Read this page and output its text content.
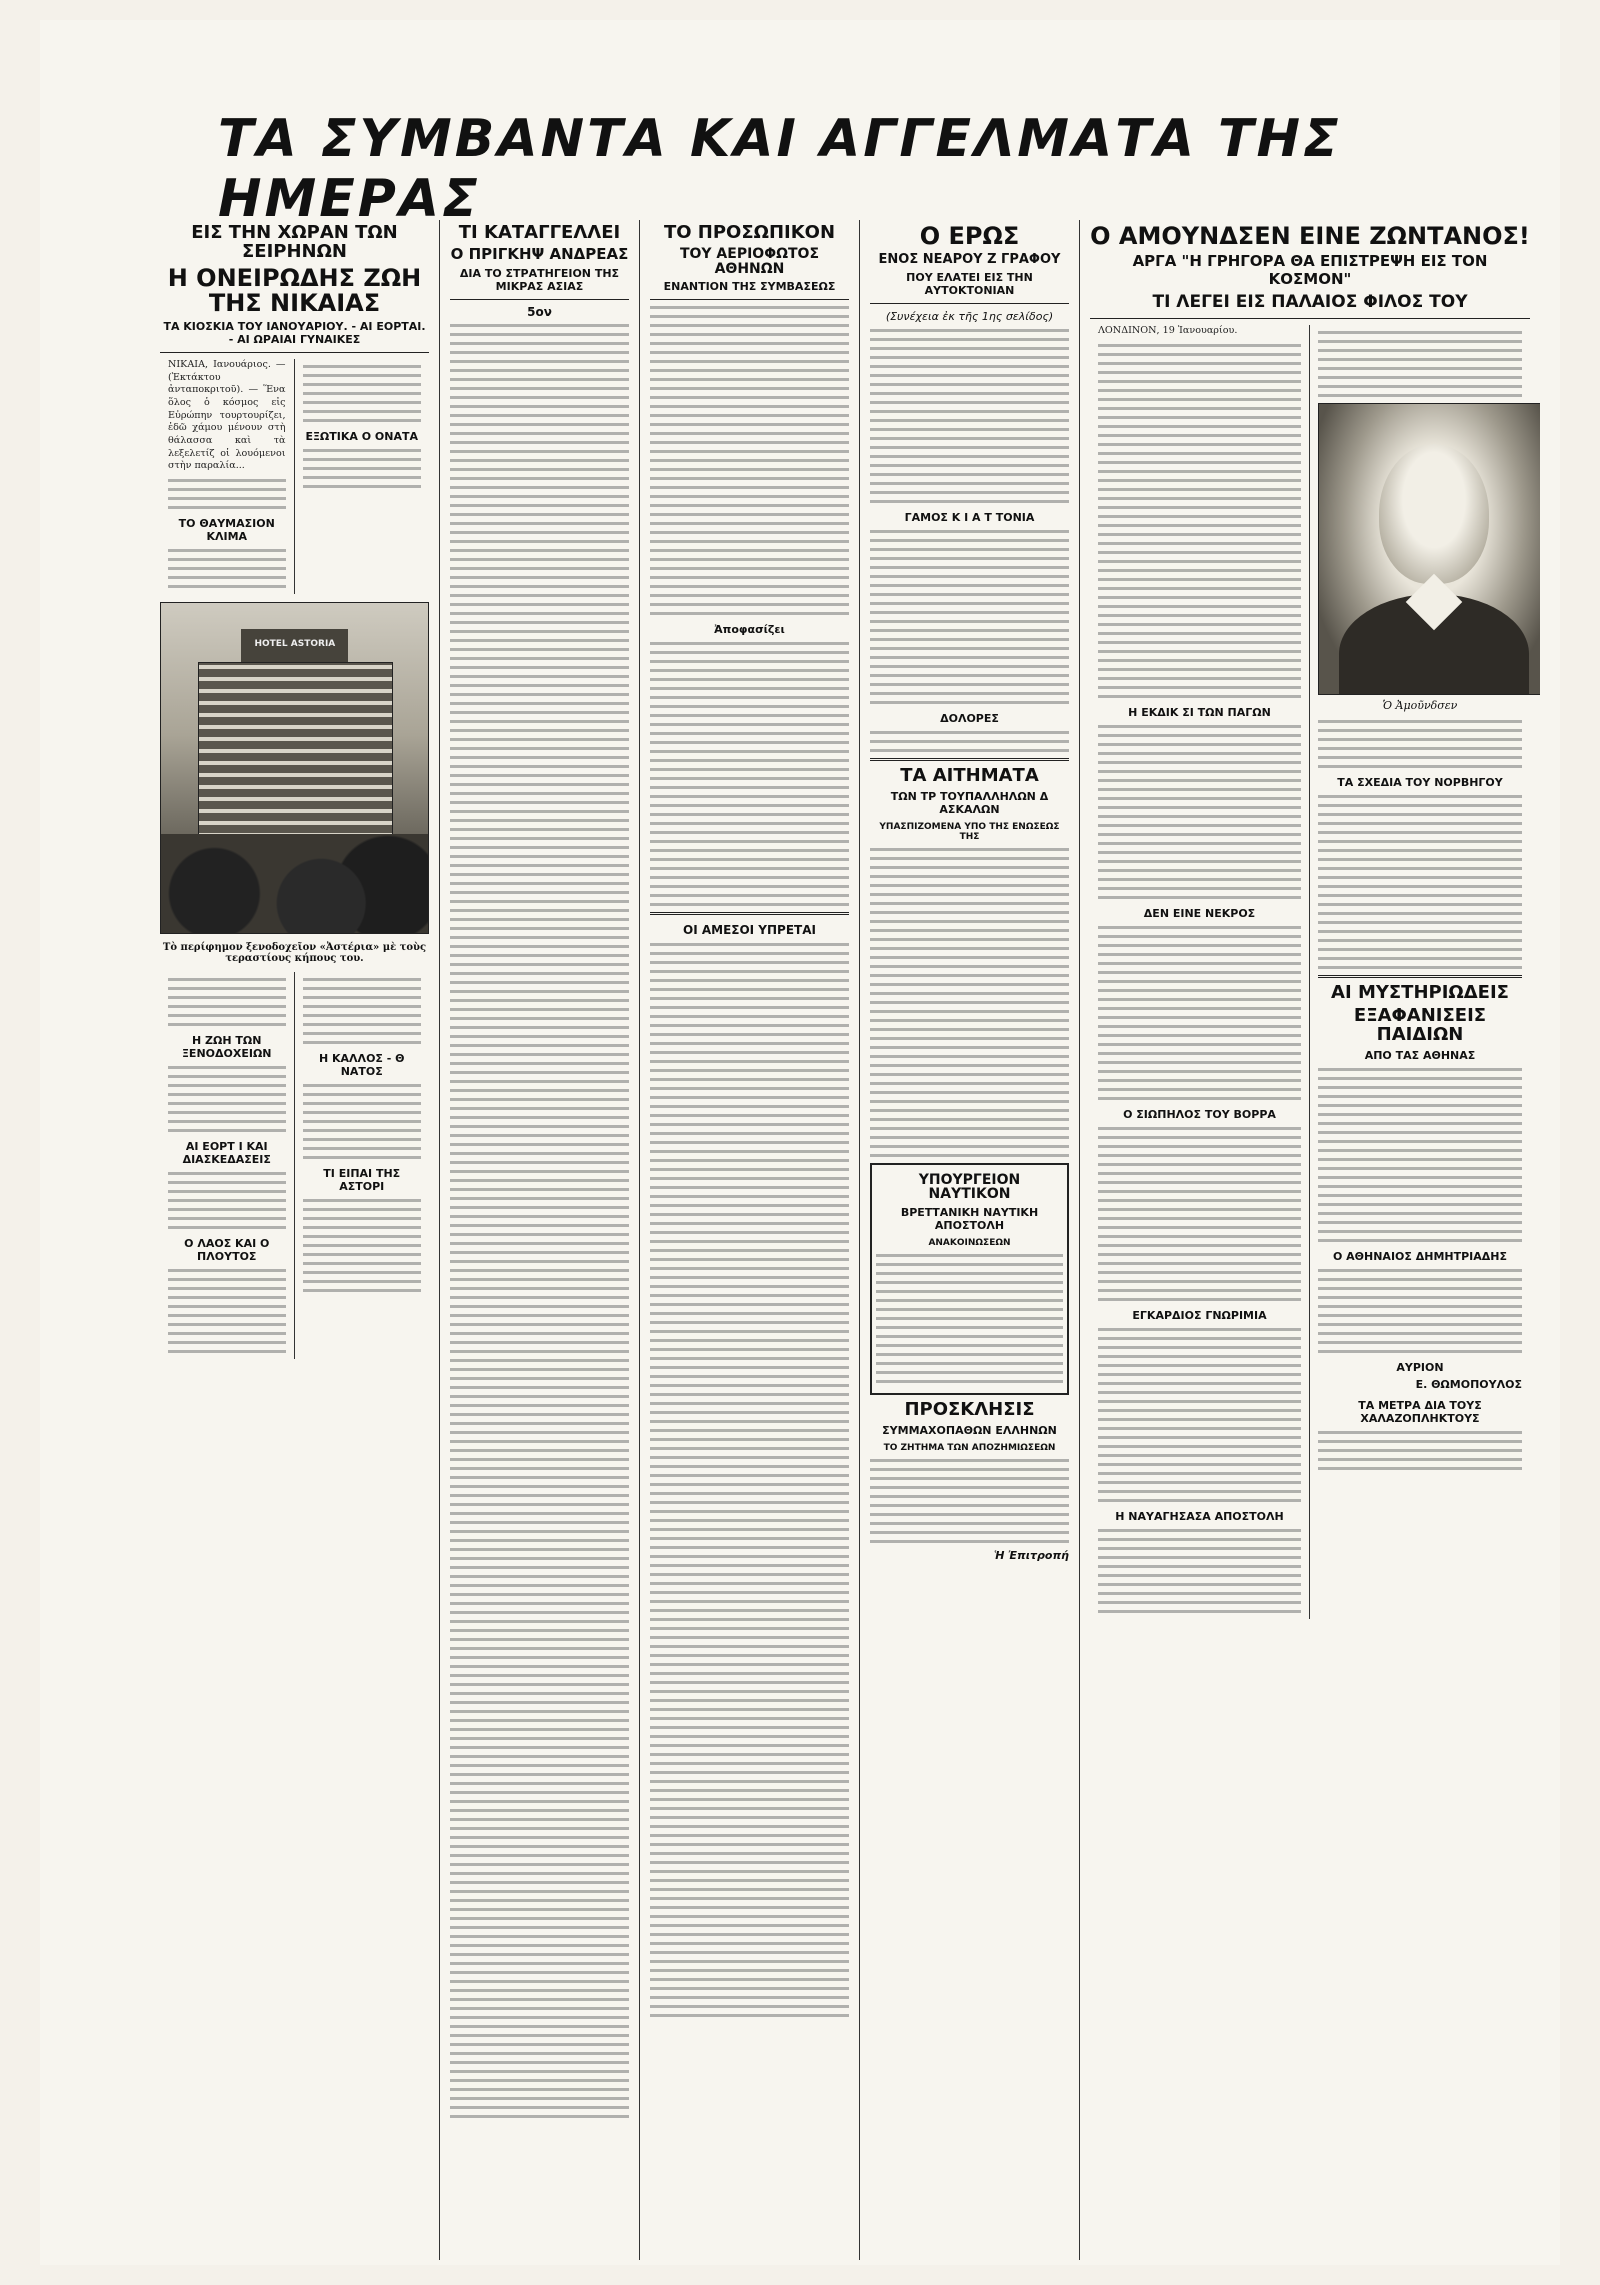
ΤΑ ΣΥΜΒΑΝΤΑ ΚΑΙ ΑΓΓΕΛΜΑΤΑ ΤΗΣ ΗΜΕΡΑΣ
ΕΙΣ ΤΗΝ ΧΩΡΑΝ ΤΩΝ ΣΕΙΡΗΝΩΝ
Η ΟΝΕΙΡΩΔΗΣ ΖΩΗ ΤΗΣ ΝΙΚΑΙΑΣ
ΤΑ ΚΙΟΣΚΙΑ ΤΟΥ ΙΑΝΟΥΑΡΙΟΥ. - ΑΙ ΕΟΡΤΑΙ. - ΑΙ ΩΡΑΙΑΙ ΓΥΝΑΙΚΕΣ

ΝΙΚΑΙΑ, Ιανουάριος. — (Ἐκτάκτου ἀνταποκριτοῦ). — Ἕνα ὅλος ὁ κόσμος εἰς Εὐρώπην τουρτουρίζει, ἐδῶ χάμου μένουν στὴ θάλασσα καὶ τὰ λεξελετίζ οἱ λουόμενοι στὴν παραλία...

ΤΟ ΘΑΥΜΑΣΙΟΝ ΚΛΙΜΑ
ΕΞΩΤΙΚΑ Ο ΟΝΑΤΑ
HOTEL ASTORIA
Τὸ περίφημον ξενοδοχεῖον «Ἀστέρια» μὲ τοὺς τεραστίους κήπους του.
Η ΖΩΗ ΤΩΝ ΞΕΝΟΔΟΧΕΙΩΝ
ΑΙ ΕΟΡΤ Ι ΚΑΙ ΔΙΑΣΚΕΔΑΣΕΙΣ
Ο ΛΑΟΣ ΚΑΙ Ο ΠΛΟΥΤΟΣ
Η ΚΑΛΛΟΣ - Θ ΝΑΤΟΣ
ΤΙ ΕΙΠΑΙ ΤΗΣ ΑΣΤΟΡΙ
ΤΙ ΚΑΤΑΓΓΕΛΛΕΙ
Ο ΠΡΙΓΚΗΨ ΑΝΔΡΕΑΣ
ΔΙΑ ΤΟ ΣΤΡΑΤΗΓΕΙΟΝ ΤΗΣ ΜΙΚΡΑΣ ΑΣΙΑΣ
5ον
ΤΟ ΠΡΟΣΩΠΙΚΟΝ
ΤΟΥ ΑΕΡΙΟΦΩΤΟΣ ΑΘΗΝΩΝ
ΕΝΑΝΤΙΟΝ ΤΗΣ ΣΥΜΒΑΣΕΩΣ
Ἀποφασίζει
ΟΙ ΑΜΕΣΟΙ ΥΠΡΕΤΑΙ
Ο ΕΡΩΣ
ΕΝΟΣ ΝΕΑΡΟΥ Ζ ΓΡΑΦΟΥ
ΠΟΥ ΕΛΑΤΕΙ ΕΙΣ ΤΗΝ ΑΥΤΟΚΤΟΝΙΑΝ
(Συνέχεια ἐκ τῆς 1ης σελίδος)
ΓΑΜΟΣ Κ Ι Α Τ ΤΟΝΙΑ
ΔΟΛΟΡΕΣ
ΤΑ ΑΙΤΗΜΑΤΑ
ΤΩΝ ΤΡ ΤΟΥΠΑΛΛΗΛΩΝ Δ ΑΣΚΑΛΩΝ
ΥΠΑΣΠΙΖΟΜΕΝΑ ΥΠΟ ΤΗΣ ΕΝΩΣΕΩΣ ΤΗΣ
ΥΠΟΥΡΓΕΙΟΝ ΝΑΥΤΙΚΟΝ
ΒΡΕΤΤΑΝΙΚΗ ΝΑΥΤΙΚΗ ΑΠΟΣΤΟΛΗ
ΑΝΑΚΟΙΝΩΣΕΩΝ
ΠΡΟΣΚΛΗΣΙΣ
ΣΥΜΜΑΧΟΠΑΘΩΝ ΕΛΛΗΝΩΝ
ΤΟ ΖΗΤΗΜΑ ΤΩΝ ΑΠΟΖΗΜΙΩΣΕΩΝ
Ἡ Ἐπιτροπή
Ο ΑΜΟΥΝΔΣΕΝ ΕΙΝΕ ΖΩΝΤΑΝΟΣ!
ΑΡΓΑ "Η ΓΡΗΓΟΡΑ ΘΑ ΕΠΙΣΤΡΕΨΗ ΕΙΣ ΤΟΝ ΚΟΣΜΟΝ"
ΤΙ ΛΕΓΕΙ ΕΙΣ ΠΑΛΑΙΟΣ ΦΙΛΟΣ ΤΟΥ

ΛΟΝΔΙΝΟΝ, 19 Ἰανουαρίου.

Η ΕΚΔΙΚ ΣΙ ΤΩΝ ΠΑΓΩΝ
ΔΕΝ ΕΙΝΕ ΝΕΚΡΟΣ
Ο ΣΙΩΠΗΛΟΣ ΤΟΥ ΒΟΡΡΑ
ΕΓΚΑΡΔΙΟΣ ΓΝΩΡΙΜΙΑ
Η ΝΑΥΑΓΗΣΑΣΑ ΑΠΟΣΤΟΛΗ
Ὁ Ἀμοῦνδσεν
ΤΑ ΣΧΕΔΙΑ ΤΟΥ ΝΟΡΒΗΓΟΥ
ΑΙ ΜΥΣΤΗΡΙΩΔΕΙΣ
ΕΞΑΦΑΝΙΣΕΙΣ ΠΑΙΔΙΩΝ
ΑΠΟ ΤΑΣ ΑΘΗΝΑΣ
Ο ΑΘΗΝΑΙΟΣ ΔΗΜΗΤΡΙΑΔΗΣ
ΑΥΡΙΟΝ
Ε. ΘΩΜΟΠΟΥΛΟΣ
ΤΑ ΜΕΤΡΑ ΔΙΑ ΤΟΥΣ ΧΑΛΑΖΟΠΛΗΚΤΟΥΣ
